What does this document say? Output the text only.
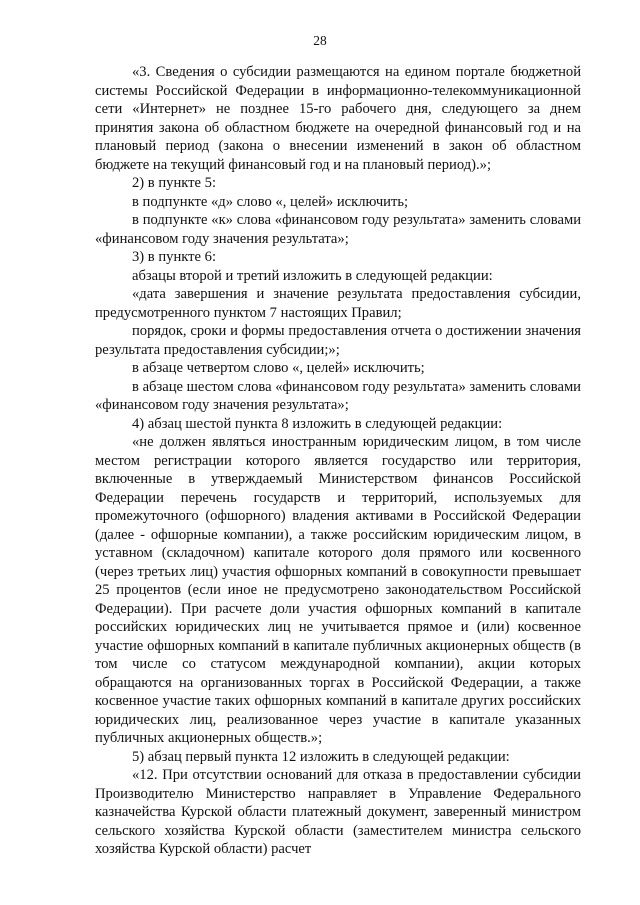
28

«3. Сведения о субсидии размещаются на едином портале бюджетной системы Российской Федерации в информационно-телекоммуникационной сети «Интернет» не позднее 15-го рабочего дня, следующего за днем принятия закона об областном бюджете на очередной финансовый год и на плановый период (закона о внесении изменений в закон об областном бюджете на текущий финансовый год и на плановый период).»;

2) в пункте 5:

в подпункте «д» слово «, целей» исключить;

в подпункте «к» слова «финансовом году результата» заменить словами «финансовом году значения результата»;

3) в пункте 6:

абзацы второй и третий изложить в следующей редакции:

«дата завершения и значение результата предоставления субсидии, предусмотренного пунктом 7 настоящих Правил;

порядок, сроки и формы предоставления отчета о достижении значения результата предоставления субсидии;»;

в абзаце четвертом слово «, целей» исключить;

в абзаце шестом слова «финансовом году результата» заменить словами «финансовом году значения результата»;

4) абзац шестой пункта 8 изложить в следующей редакции:

«не должен являться иностранным юридическим лицом, в том числе местом регистрации которого является государство или территория, включенные в утверждаемый Министерством финансов Российской Федерации перечень государств и территорий, используемых для промежуточного (офшорного) владения активами в Российской Федерации (далее - офшорные компании), а также российским юридическим лицом, в уставном (складочном) капитале которого доля прямого или косвенного (через третьих лиц) участия офшорных компаний в совокупности превышает 25 процентов (если иное не предусмотрено законодательством Российской Федерации). При расчете доли участия офшорных компаний в капитале российских юридических лиц не учитывается прямое и (или) косвенное участие офшорных компаний в капитале публичных акционерных обществ (в том числе со статусом международной компании), акции которых обращаются на организованных торгах в Российской Федерации, а также косвенное участие таких офшорных компаний в капитале других российских юридических лиц, реализованное через участие в капитале указанных публичных акционерных обществ.»;

5) абзац первый пункта 12 изложить в следующей редакции:

«12. При отсутствии оснований для отказа в предоставлении субсидии Производителю Министерство направляет в Управление Федерального казначейства Курской области платежный документ, заверенный министром сельского хозяйства Курской области (заместителем министра сельского хозяйства Курской области) расчет
